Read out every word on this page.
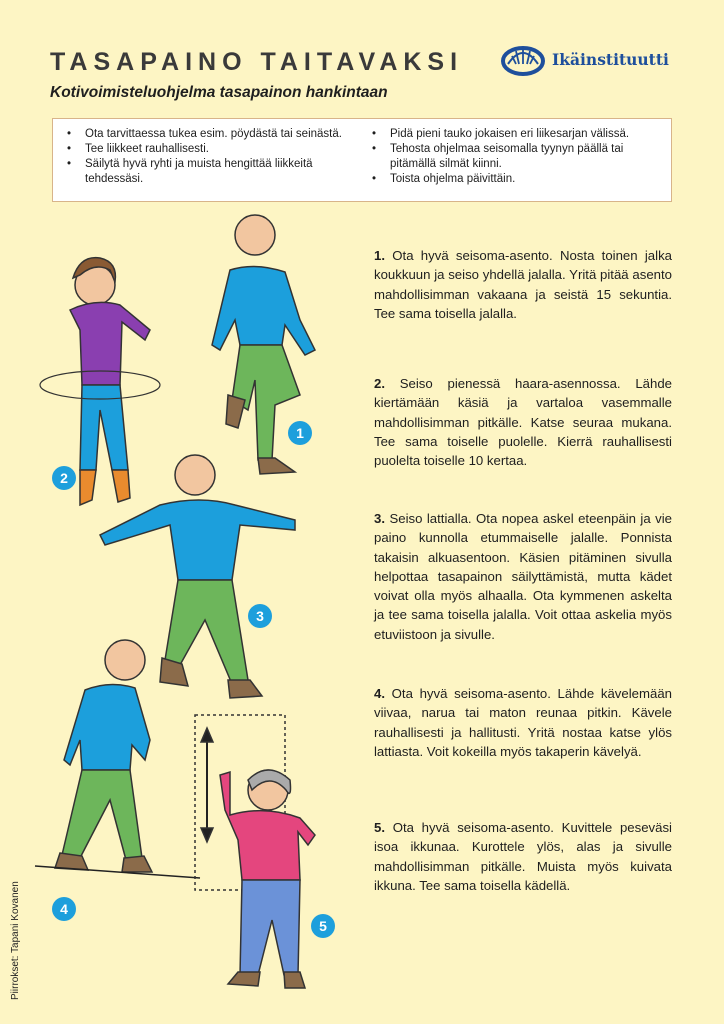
TASAPAINO TAITAVAKSI
Kotivoimisteluohjelma tasapainon hankintaan
Ikäinstituutti
• Ota tarvittaessa tukea esim. pöydästä tai seinästä.
• Tee liikkeet rauhallisesti.
• Säilytä hyvä ryhti ja muista hengittää liikkeitä tehdessäsi.
• Pidä pieni tauko jokaisen eri liikesarjan välissä.
• Tehosta ohjelmaa seisomalla tyynyn päällä tai pitämällä silmät kiinni.
• Toista ohjelma päivittäin.
1
2
3
4
5
Piirrokset: Tapani Kovanen
1. Ota hyvä seisoma-asento. Nosta toinen jalka koukkuun ja seiso yhdellä jalalla. Yritä pitää asento mahdollisimman vakaana ja seistä 15 sekuntia. Tee sama toisella jalalla.
2. Seiso pienessä haara-asennossa. Lähde kiertämään käsiä ja vartaloa vasemmalle mahdollisimman pitkälle. Katse seuraa mukana. Tee sama toiselle puolelle. Kierrä rauhallisesti puolelta toiselle 10 kertaa.
3. Seiso lattialla. Ota nopea askel eteenpäin ja vie paino kunnolla etummaiselle jalalle. Ponnista takaisin alkuasentoon. Käsien pitäminen sivulla helpottaa tasapainon säilyttämistä, mutta kädet voivat olla myös alhaalla. Ota kymmenen askelta ja tee sama toisella jalalla. Voit ottaa askelia myös etuviistoon ja sivulle.
4. Ota hyvä seisoma-asento. Lähde kävelemään viivaa, narua tai maton reunaa pitkin. Kävele rauhallisesti ja hallitusti. Yritä nostaa katse ylös lattiasta. Voit kokeilla myös takaperin kävelyä.
5. Ota hyvä seisoma-asento. Kuvittele peseväsi isoa ikkunaa. Kurottele ylös, alas ja sivulle mahdollisimman pitkälle. Muista myös kuivata ikkuna. Tee sama toisella kädellä.
